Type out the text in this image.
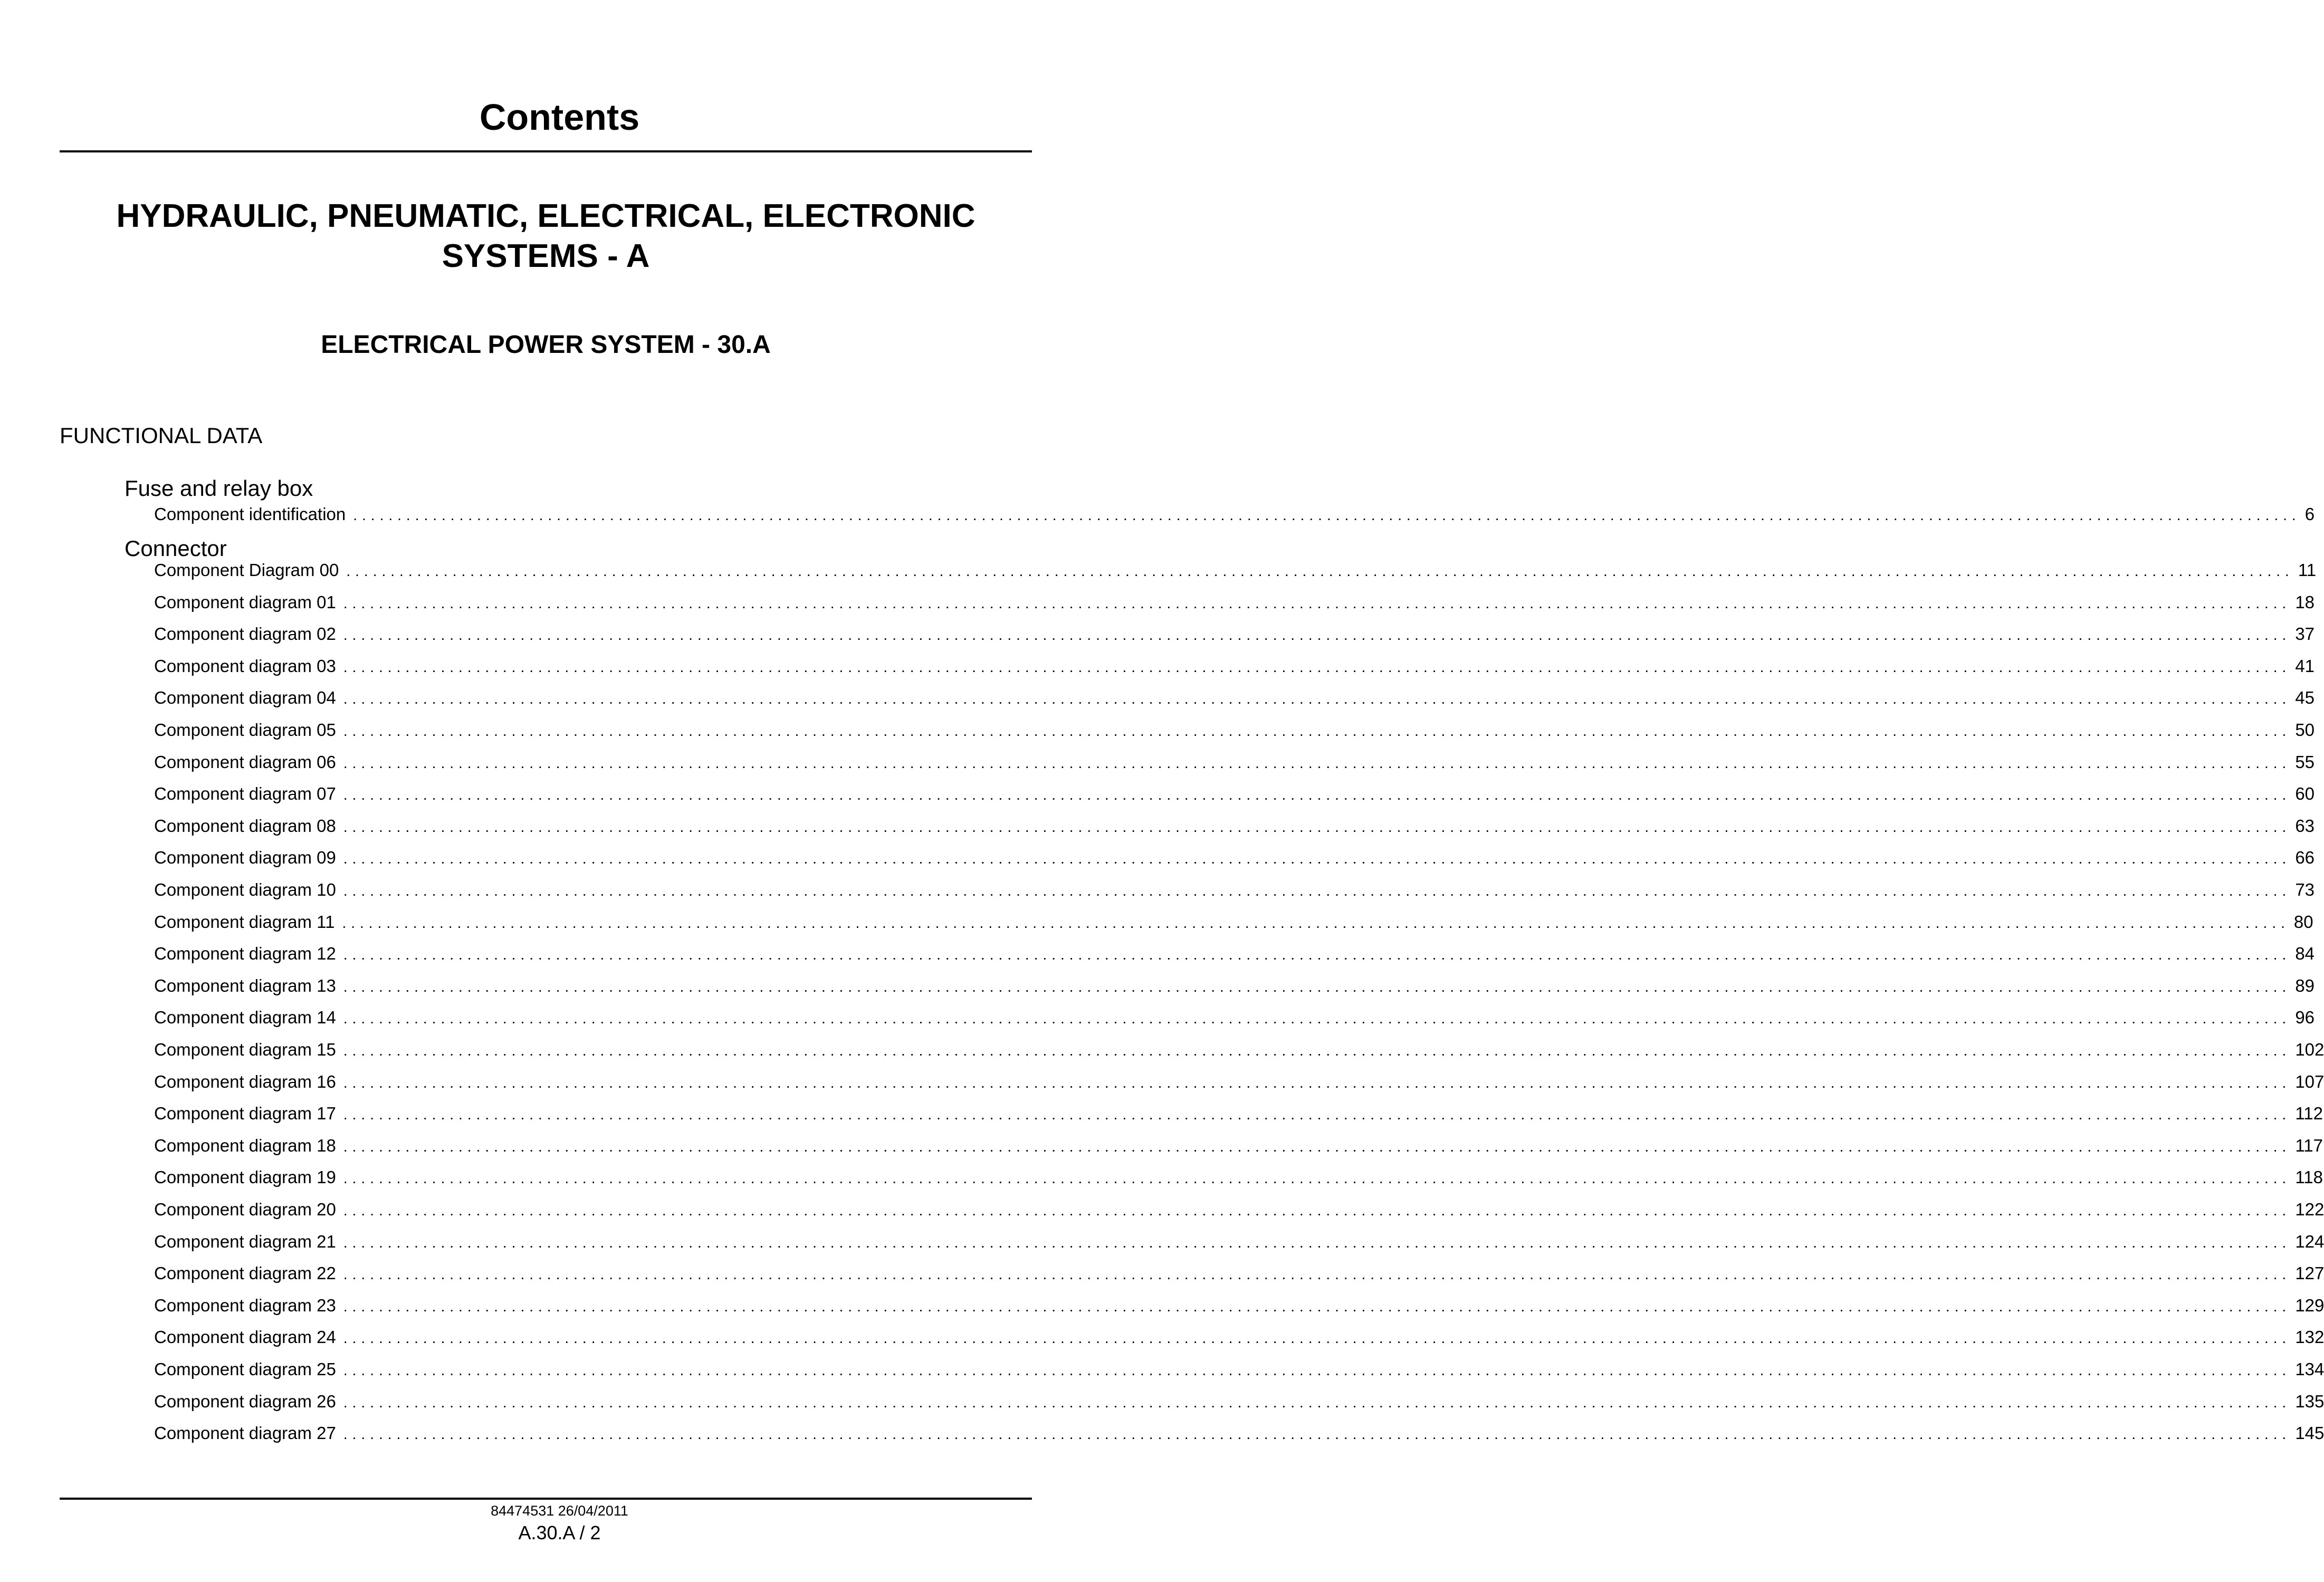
Contents
HYDRAULIC, PNEUMATIC, ELECTRICAL, ELECTRONIC
SYSTEMS - A
ELECTRICAL POWER SYSTEM - 30.A
FUNCTIONAL DATA
Fuse and relay box
Component identification ............................................................................................................................................................................................................................ 6
Connector
Component Diagram 00 ............................................................................................................................................................................................................................ 11
Component diagram 01 ............................................................................................................................................................................................................................ 18
Component diagram 02 ............................................................................................................................................................................................................................ 37
Component diagram 03 ............................................................................................................................................................................................................................ 41
Component diagram 04 ............................................................................................................................................................................................................................ 45
Component diagram 05 ............................................................................................................................................................................................................................ 50
Component diagram 06 ............................................................................................................................................................................................................................ 55
Component diagram 07 ............................................................................................................................................................................................................................ 60
Component diagram 08 ............................................................................................................................................................................................................................ 63
Component diagram 09 ............................................................................................................................................................................................................................ 66
Component diagram 10 ............................................................................................................................................................................................................................ 73
Component diagram 11 ............................................................................................................................................................................................................................ 80
Component diagram 12 ............................................................................................................................................................................................................................ 84
Component diagram 13 ............................................................................................................................................................................................................................ 89
Component diagram 14 ............................................................................................................................................................................................................................ 96
Component diagram 15 ............................................................................................................................................................................................................................ 102
Component diagram 16 ............................................................................................................................................................................................................................ 107
Component diagram 17 ............................................................................................................................................................................................................................ 112
Component diagram 18 ............................................................................................................................................................................................................................ 117
Component diagram 19 ............................................................................................................................................................................................................................ 118
Component diagram 20 ............................................................................................................................................................................................................................ 122
Component diagram 21 ............................................................................................................................................................................................................................ 124
Component diagram 22 ............................................................................................................................................................................................................................ 127
Component diagram 23 ............................................................................................................................................................................................................................ 129
Component diagram 24 ............................................................................................................................................................................................................................ 132
Component diagram 25 ............................................................................................................................................................................................................................ 134
Component diagram 26 ............................................................................................................................................................................................................................ 135
Component diagram 27 ............................................................................................................................................................................................................................ 145
84474531 26/04/2011
A.30.A / 2
